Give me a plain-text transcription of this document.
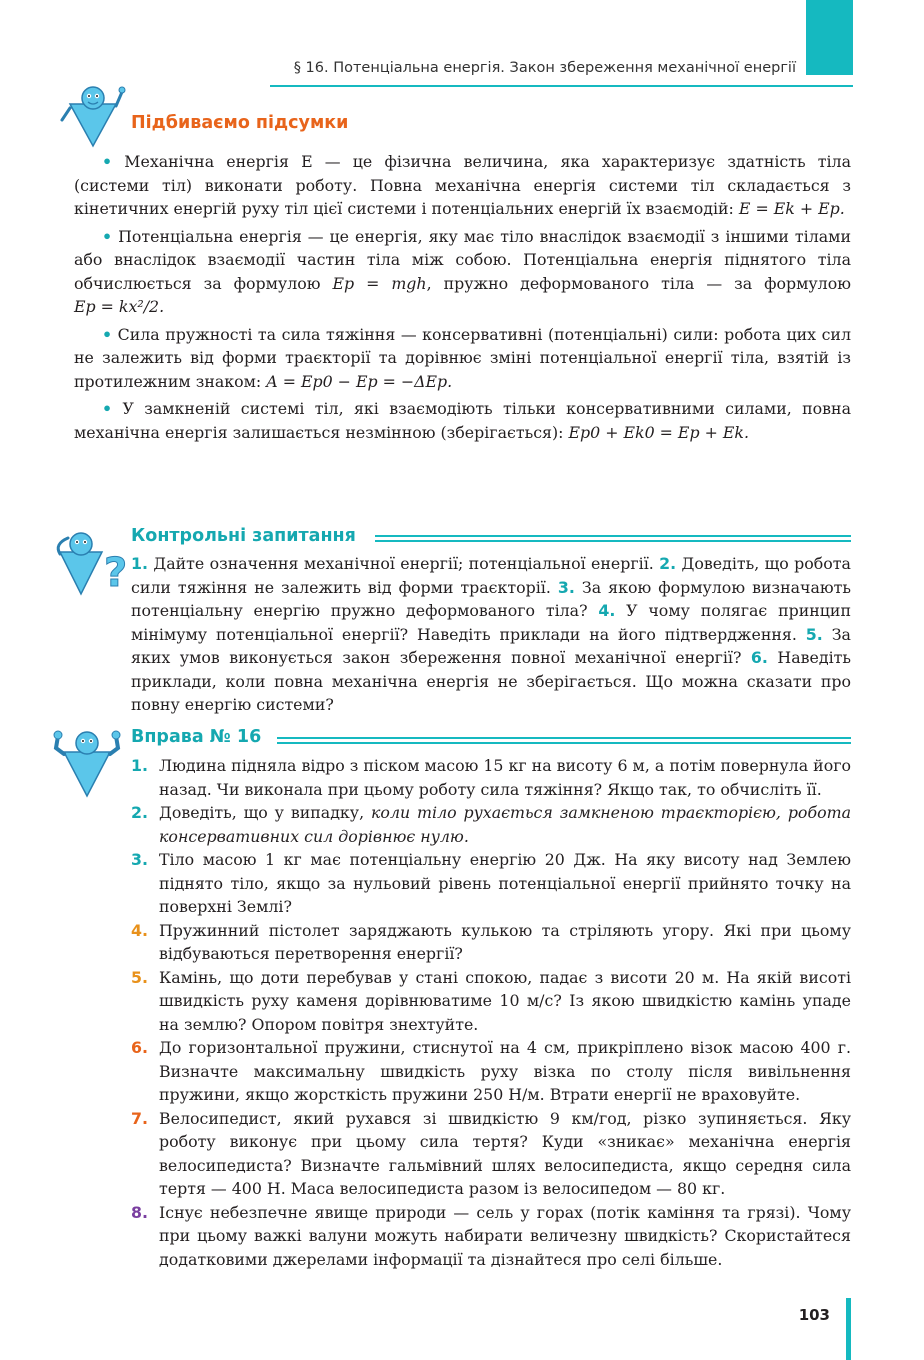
§ 16. Потенціальна енергія. Закон збереження механічної енергії
Підбиваємо підсумки

• Механічна енергія E — це фізична величина, яка характеризує здатність тіла (системи тіл) виконати роботу. Повна механічна енергія системи тіл складається з кінетичних енергій руху тіл цієї системи і потенціальних енергій їх взаємодій: E = Ek + Ep.

• Потенціальна енергія — це енергія, яку має тіло внаслідок взаємодії з іншими тілами або внаслідок взаємодії частин тіла між собою. Потенціальна енергія піднятого тіла обчислюється за формулою Ep = mgh, пружно деформованого тіла — за формулою Ep = kx²/2.

• Сила пружності та сила тяжіння — консервативні (потенціальні) сили: робота цих сил не залежить від форми траєкторії та дорівнює зміні потенціальної енергії тіла, взятій із протилежним знаком: A = Ep0 − Ep = −ΔEp.

• У замкненій системі тіл, які взаємодіють тільки консервативними силами, повна механічна енергія залишається незмінною (зберігається): Ep0 + Ek0 = Ep + Ek.

?
Контрольні запитання
1. Дайте означення механічної енергії; потенціальної енергії. 2. Доведіть, що робота сили тяжіння не залежить від форми траєкторії. 3. За якою формулою визначають потенціальну енергію пружно деформованого тіла? 4. У чому полягає принцип мінімуму потенціальної енергії? Наведіть приклади на його підтвердження. 5. За яких умов виконується закон збереження повної механічної енергії? 6. Наведіть приклади, коли повна механічна енергія не зберігається. Що можна сказати про повну енергію системи?
Вправа № 16
1. Людина підняла відро з піском масою 15 кг на висоту 6 м, а потім повернула його назад. Чи виконала при цьому роботу сила тяжіння? Якщо так, то обчисліть її.
2. Доведіть, що у випадку, коли тіло рухається замкненою траєкторією, робота консервативних сил дорівнює нулю.
3. Тіло масою 1 кг має потенціальну енергію 20 Дж. На яку висоту над Землею піднято тіло, якщо за нульовий рівень потенціальної енергії прийнято точку на поверхні Землі?
4. Пружинний пістолет заряджають кулькою та стріляють угору. Які при цьому відбуваються перетворення енергії?
5. Камінь, що доти перебував у стані спокою, падає з висоти 20 м. На якій висоті швидкість руху каменя дорівнюватиме 10 м/с? Із якою швидкістю камінь упаде на землю? Опором повітря знехтуйте.
6. До горизонтальної пружини, стиснутої на 4 см, прикріплено візок масою 400 г. Визначте максимальну швидкість руху візка по столу після вивільнення пружини, якщо жорсткість пружини 250 Н/м. Втрати енергії не враховуйте.
7. Велосипедист, який рухався зі швидкістю 9 км/год, різко зупиняється. Яку роботу виконує при цьому сила тертя? Куди «зникає» механічна енергія велосипедиста? Визначте гальмівний шлях велосипедиста, якщо середня сила тертя — 400 Н. Маса велосипедиста разом із велосипедом — 80 кг.
8. Існує небезпечне явище природи — сель у горах (потік каміння та грязі). Чому при цьому важкі валуни можуть набирати величезну швидкість? Скористайтеся додатковими джерелами інформації та дізнайтеся про селі більше.
103
